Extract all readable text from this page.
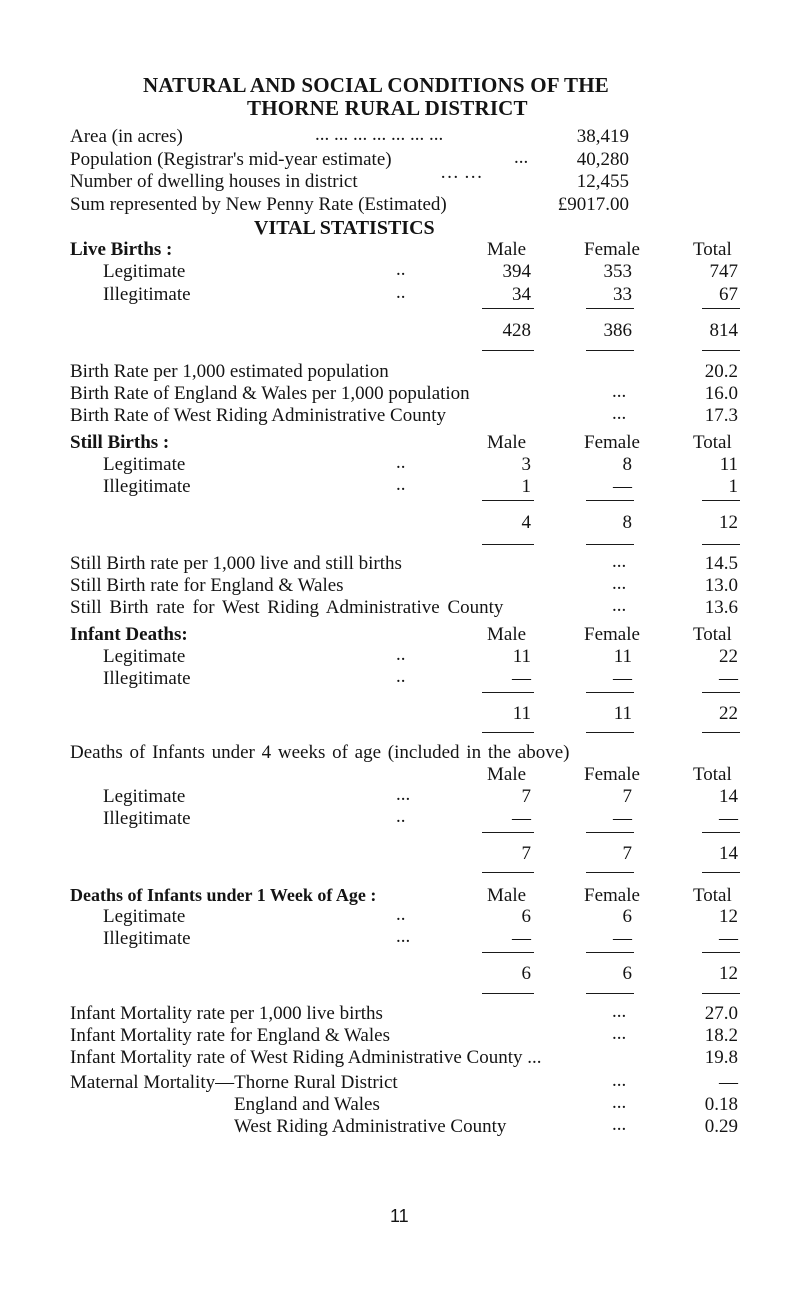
NATURAL AND SOCIAL CONDITIONS OF THE
THORNE RURAL DISTRICT
Area (in acres)	... ... ... ... ... ... ...	38,419
Population (Registrar's mid-year estimate)	...	40,280
Number of dwelling houses in district	··· ···	12,455
Sum represented by New Penny Rate (Estimated)	£9017.00
VITAL STATISTICS
Live Births :	Male	Female	Total
Legitimate	..	394	353	747
Illegitimate	..	34	33	67
428	386	814
Birth Rate per 1,000 estimated population	20.2
Birth Rate of England & Wales per 1,000 population	...	16.0
Birth Rate of West Riding Administrative County	...	17.3
Still Births :	Male	Female	Total
Legitimate	..	3	8	11
Illegitimate	..	1	—	1
4	8	12
Still Birth rate per 1,000 live and still births	...	14.5
Still Birth rate for England & Wales	...	13.0
Still Birth rate for West Riding Administrative County	...	13.6
Infant Deaths:	Male	Female	Total
Legitimate	..	11	11	22
Illegitimate	..	—	—	—
11	11	22
Deaths of Infants under 4 weeks of age (included in the above)
Male	Female	Total
Legitimate	...	7	7	14
Illegitimate	..	—	—	—
7	7	14
Deaths of Infants under 1 Week of Age :	Male	Female	Total
Legitimate	..	6	6	12
Illegitimate	...	—	—	—
6	6	12
Infant Mortality rate per 1,000 live births	...	27.0
Infant Mortality rate for England & Wales	...	18.2
Infant Mortality rate of West Riding Administrative County ...	19.8
Maternal Mortality—Thorne Rural District	...	—
England and Wales	...	0.18
West Riding Administrative County	...	0.29
11
